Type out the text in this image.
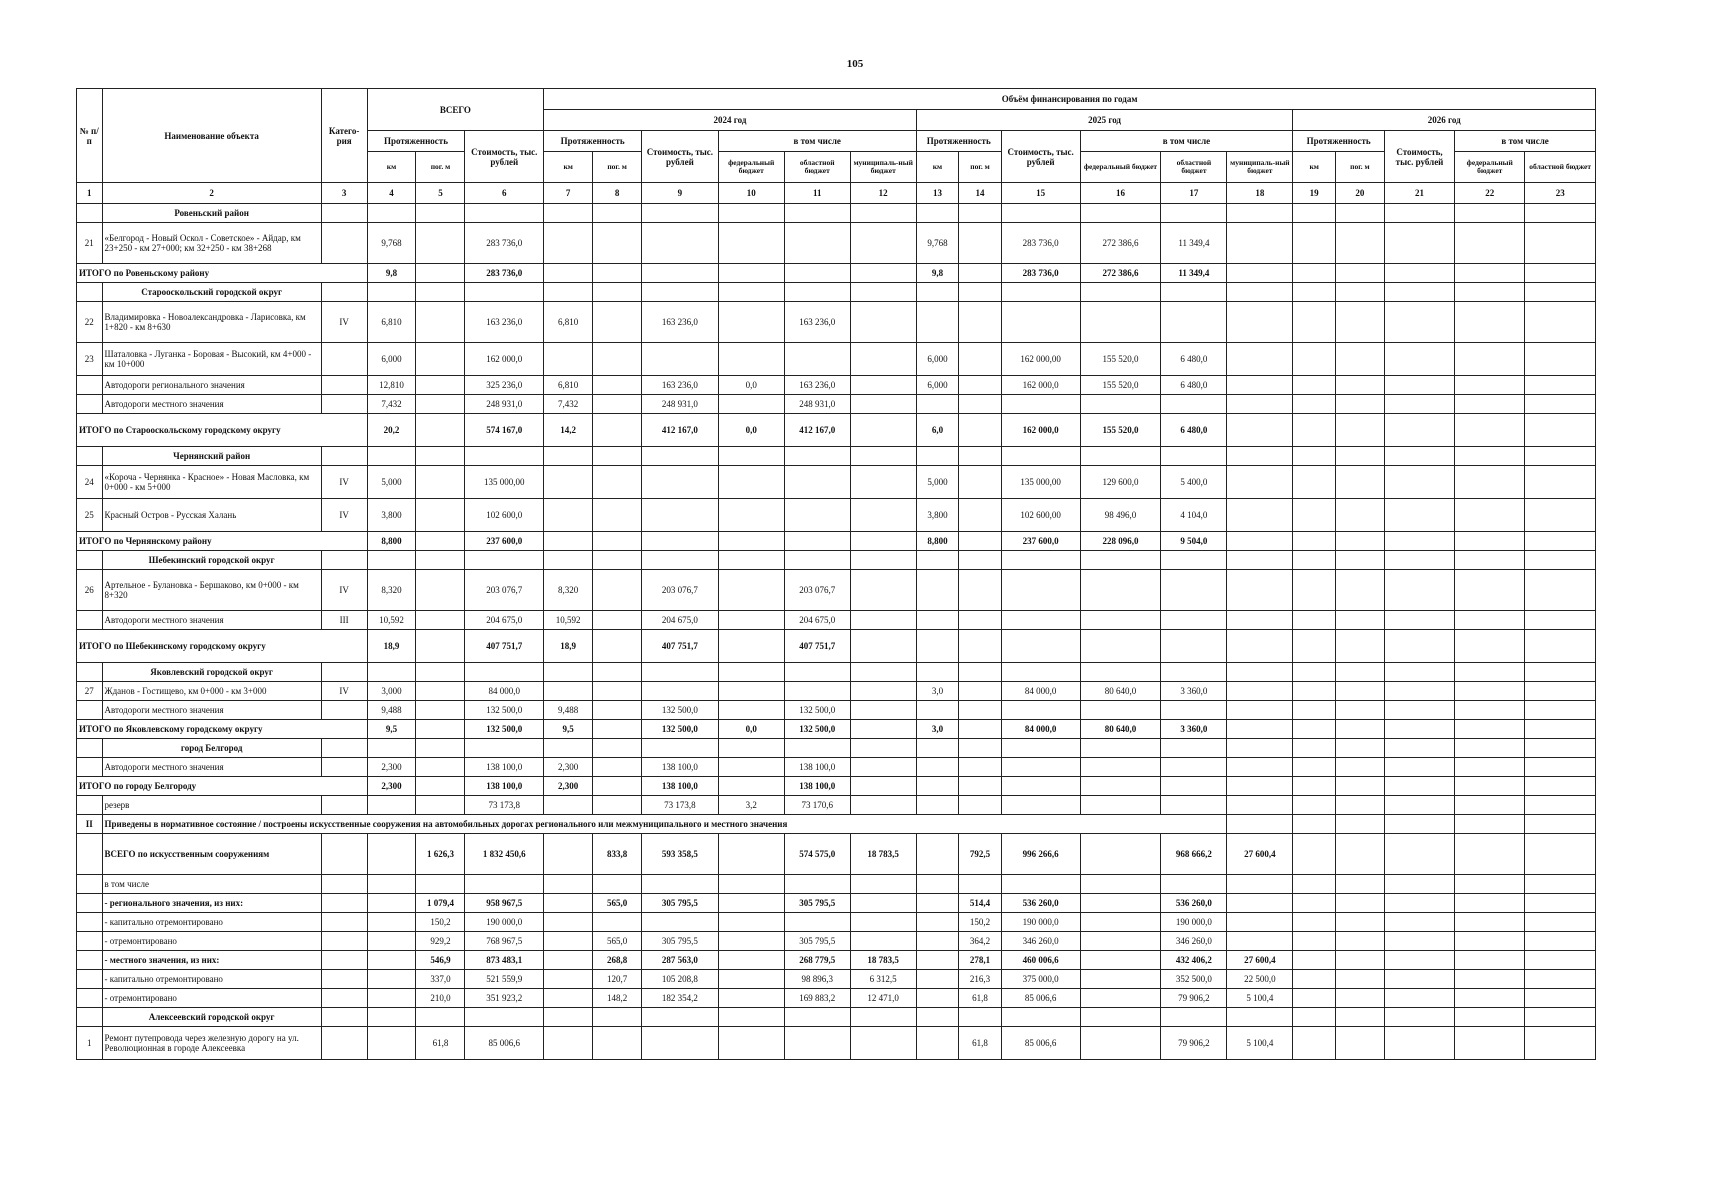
105
№ п/п	Наименование объекта	Катего-рия	ВСЕГО			Объём финансирования по годам																
						2024 год						2025 год						2026 год				
			Протяженность		Стоимость, тыс. рублей	Протяженность		Стоимость, тыс. рублей	в том числе			Протяженность		Стоимость, тыс. рублей	в том числе			Протяженность		Стоимость, тыс. рублей	в том числе	
			км	пог. м		км	пог. м		федеральный бюджет	областной бюджет	муниципаль-ный бюджет	км	пог. м		федеральный бюджет	областной бюджет	муниципаль-ный бюджет	км	пог. м		федеральный бюджет	областной бюджет
1	2	3	4	5	6	7	8	9	10	11	12	13	14	15	16	17	18	19	20	21	22	23
	Ровеньский район																					
21	«Белгород - Новый Оскол - Советское» - Айдар, км 23+250 - км 27+000; км 32+250 - км 38+268		9,768		283 736,0							9,768		283 736,0	272 386,6	11 349,4						
ИТОГО по Ровеньскому району			9,8		283 736,0							9,8		283 736,0	272 386,6	11 349,4						
	Старооскольский городской округ																					
22	Владимировка - Новоалександровка - Ларисовка, км 1+820 - км 8+630	IV	6,810		163 236,0	6,810		163 236,0		163 236,0												
23	Шаталовка - Луганка - Боровая - Высокий, км 4+000 - км 10+000		6,000		162 000,0							6,000		162 000,00	155 520,0	6 480,0						
	Автодороги регионального значения		12,810		325 236,0	6,810		163 236,0	0,0	163 236,0		6,000		162 000,0	155 520,0	6 480,0						
	Автодороги местного значения		7,432		248 931,0	7,432		248 931,0		248 931,0												
ИТОГО по Старооскольскому городскому округу			20,2		574 167,0	14,2		412 167,0	0,0	412 167,0		6,0		162 000,0	155 520,0	6 480,0						
	Чернянский район																					
24	«Короча - Чернянка - Красное» - Новая Масловка, км 0+000 - км 5+000	IV	5,000		135 000,00							5,000		135 000,00	129 600,0	5 400,0						
25	Красный Остров - Русская Халань	IV	3,800		102 600,0							3,800		102 600,00	98 496,0	4 104,0						
ИТОГО по Чернянскому району			8,800		237 600,0							8,800		237 600,0	228 096,0	9 504,0						
	Шебекинский городской округ																					
26	Артельное - Булановка - Бершаково, км 0+000 - км 8+320	IV	8,320		203 076,7	8,320		203 076,7		203 076,7												
	Автодороги местного значения	III	10,592		204 675,0	10,592		204 675,0		204 675,0												
ИТОГО по Шебекинскому городскому округу			18,9		407 751,7	18,9		407 751,7		407 751,7												
	Яковлевский городской округ																					
27	Жданов - Гостищево, км 0+000 - км 3+000	IV	3,000		84 000,0							3,0		84 000,0	80 640,0	3 360,0						
	Автодороги местного значения		9,488		132 500,0	9,488		132 500,0		132 500,0												
ИТОГО по Яковлевскому городскому округу			9,5		132 500,0	9,5		132 500,0	0,0	132 500,0		3,0		84 000,0	80 640,0	3 360,0						
	город Белгород																					
	Автодороги местного значения		2,300		138 100,0	2,300		138 100,0		138 100,0												
ИТОГО по городу Белгороду			2,300		138 100,0	2,300		138 100,0		138 100,0												
	резерв				73 173,8			73 173,8	3,2	73 170,6												
II	Приведены в нормативное состояние / построены искусственные сооружения на автомобильных дорогах регионального или межмуниципального и местного значения																					
	ВСЕГО по искусственным сооружениям			1 626,3	1 832 450,6		833,8	593 358,5		574 575,0	18 783,5		792,5	996 266,6		968 666,2	27 600,4					
	в том числе																					
	- регионального значения, из них:			1 079,4	958 967,5		565,0	305 795,5		305 795,5			514,4	536 260,0		536 260,0						
	- капитально отремонтировано			150,2	190 000,0								150,2	190 000,0		190 000,0						
	- отремонтировано			929,2	768 967,5		565,0	305 795,5		305 795,5			364,2	346 260,0		346 260,0						
	- местного значения, из них:			546,9	873 483,1		268,8	287 563,0		268 779,5	18 783,5		278,1	460 006,6		432 406,2	27 600,4					
	- капитально отремонтировано			337,0	521 559,9		120,7	105 208,8		98 896,3	6 312,5		216,3	375 000,0		352 500,0	22 500,0					
	- отремонтировано			210,0	351 923,2		148,2	182 354,2		169 883,2	12 471,0		61,8	85 006,6		79 906,2	5 100,4					
	Алексеевский городской округ																					
1	Ремонт путепровода через железную дорогу на ул. Революционная в городе Алексеевка			61,8	85 006,6								61,8	85 006,6		79 906,2	5 100,4					
